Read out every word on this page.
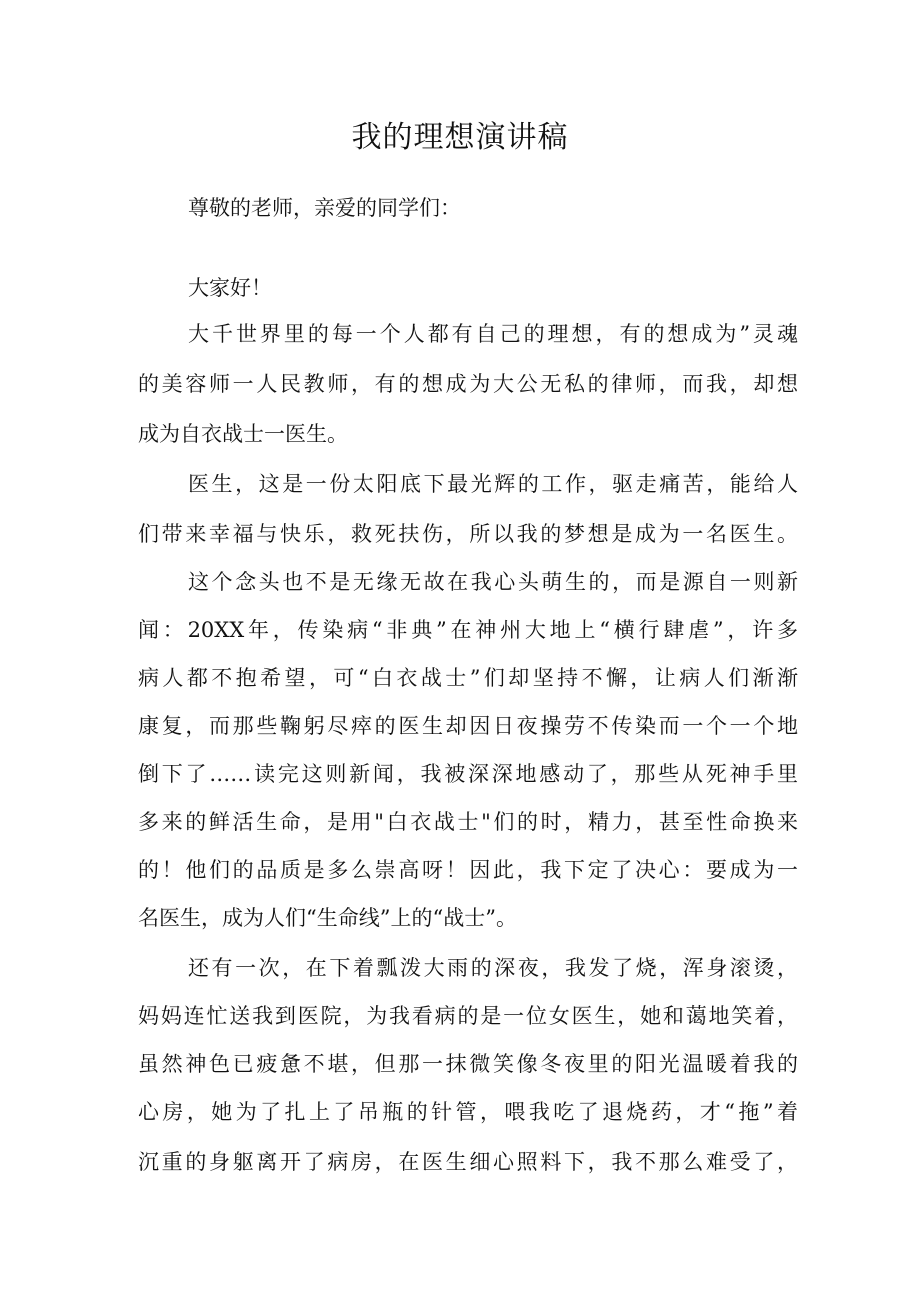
我的理想演讲稿

尊敬的老师，亲爱的同学们：

大家好！

大千世界里的每一个人都有自己的理想，有的想成为”灵魂

的美容师一人民教师，有的想成为大公无私的律师，而我，却想

成为自衣战士一医生。

医生，这是一份太阳底下最光辉的工作，驱走痛苦，能给人

们带来幸福与快乐，救死扶伤，所以我的梦想是成为一名医生。

这个念头也不是无缘无故在我心头萌生的，而是源自一则新

闻：20XX年，传染病“非典”在神州大地上“横行肆虐”，许多

病人都不抱希望，可“白衣战士”们却坚持不懈，让病人们渐渐

康复，而那些鞠躬尽瘁的医生却因日夜操劳不传染而一个一个地

倒下了……读完这则新闻，我被深深地感动了，那些从死神手里

多来的鲜活生命，是用"白衣战士"们的时，精力，甚至性命换来

的！他们的品质是多么崇高呀！因此，我下定了决心：要成为一

名医生，成为人们“生命线”上的“战士”。

还有一次，在下着瓢泼大雨的深夜，我发了烧，浑身滚烫，

妈妈连忙送我到医院，为我看病的是一位女医生，她和蔼地笑着，

虽然神色已疲惫不堪，但那一抹微笑像冬夜里的阳光温暖着我的

心房，她为了扎上了吊瓶的针管，喂我吃了退烧药，才“拖”着

沉重的身躯离开了病房，在医生细心照料下，我不那么难受了，
